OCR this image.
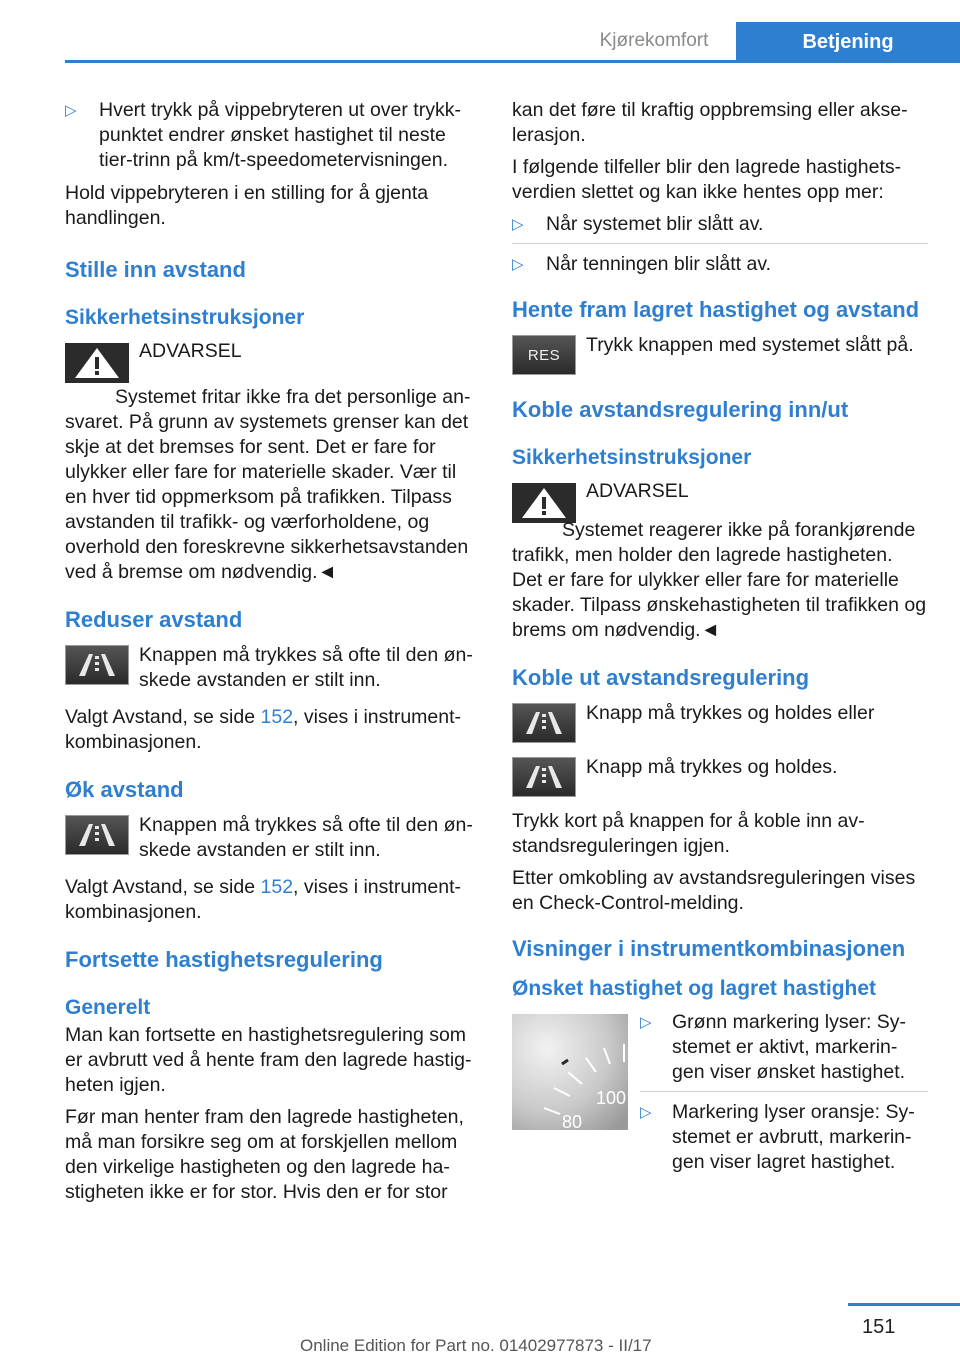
Kjørekomfort	Betjening
▷	Hvert trykk på vippebryteren ut over trykk-punktet endrer ønsket hastighet til neste tier-trinn på km/t-speedometervisningen.

Hold vippebryteren i en stilling for å gjenta handlingen.

Stille inn avstand
Sikkerhetsinstruksjoner
ADVARSEL

Systemet fritar ikke fra det personlige an-svaret. På grunn av systemets grenser kan det skje at det bremses for sent. Det er fare for ulykker eller fare for materielle skader. Vær til en hver tid oppmerksom på trafikken. Tilpass avstanden til trafikk- og værforholdene, og overhold den foreskrevne sikkerhetsavstanden ved å bremse om nødvendig.◄

Reduser avstand
Knappen må trykkes så ofte til den øn-skede avstanden er stilt inn.

Valgt Avstand, se side 152, vises i instrument-kombinasjonen.

Øk avstand
Knappen må trykkes så ofte til den øn-skede avstanden er stilt inn.

Valgt Avstand, se side 152, vises i instrument-kombinasjonen.

Fortsette hastighetsregulering
Generelt

Man kan fortsette en hastighetsregulering som er avbrutt ved å hente fram den lagrede hastig-heten igjen.

Før man henter fram den lagrede hastigheten, må man forsikre seg om at forskjellen mellom den virkelige hastigheten og den lagrede ha-stigheten ikke er for stor. Hvis den er for stor

kan det føre til kraftig oppbremsing eller akse-lerasjon.

I følgende tilfeller blir den lagrede hastighets-verdien slettet og kan ikke hentes opp mer:

▷	Når systemet blir slått av.
▷	Når tenningen blir slått av.
Hente fram lagret hastighet og avstand
RES Trykk knappen med systemet slått på.
Koble avstandsregulering inn/ut
Sikkerhetsinstruksjoner
ADVARSEL

Systemet reagerer ikke på forankjørende trafikk, men holder den lagrede hastigheten. Det er fare for ulykker eller fare for materielle skader. Tilpass ønskehastigheten til trafikken og brems om nødvendig.◄

Koble ut avstandsregulering
Knapp må trykkes og holdes eller
Knapp må trykkes og holdes.

Trykk kort på knappen for å koble inn av-standsreguleringen igjen.

Etter omkobling av avstandsreguleringen vises en Check-Control-melding.

Visninger i instrumentkombinasjonen
Ønsket hastighet og lagret hastighet
100
80
▷	Grønn markering lyser: Sy-stemet er aktivt, markerin-gen viser ønsket hastighet.
▷	Markering lyser oransje: Sy-stemet er avbrutt, markerin-gen viser lagret hastighet.
151
Online Edition for Part no. 01402977873 - II/17
